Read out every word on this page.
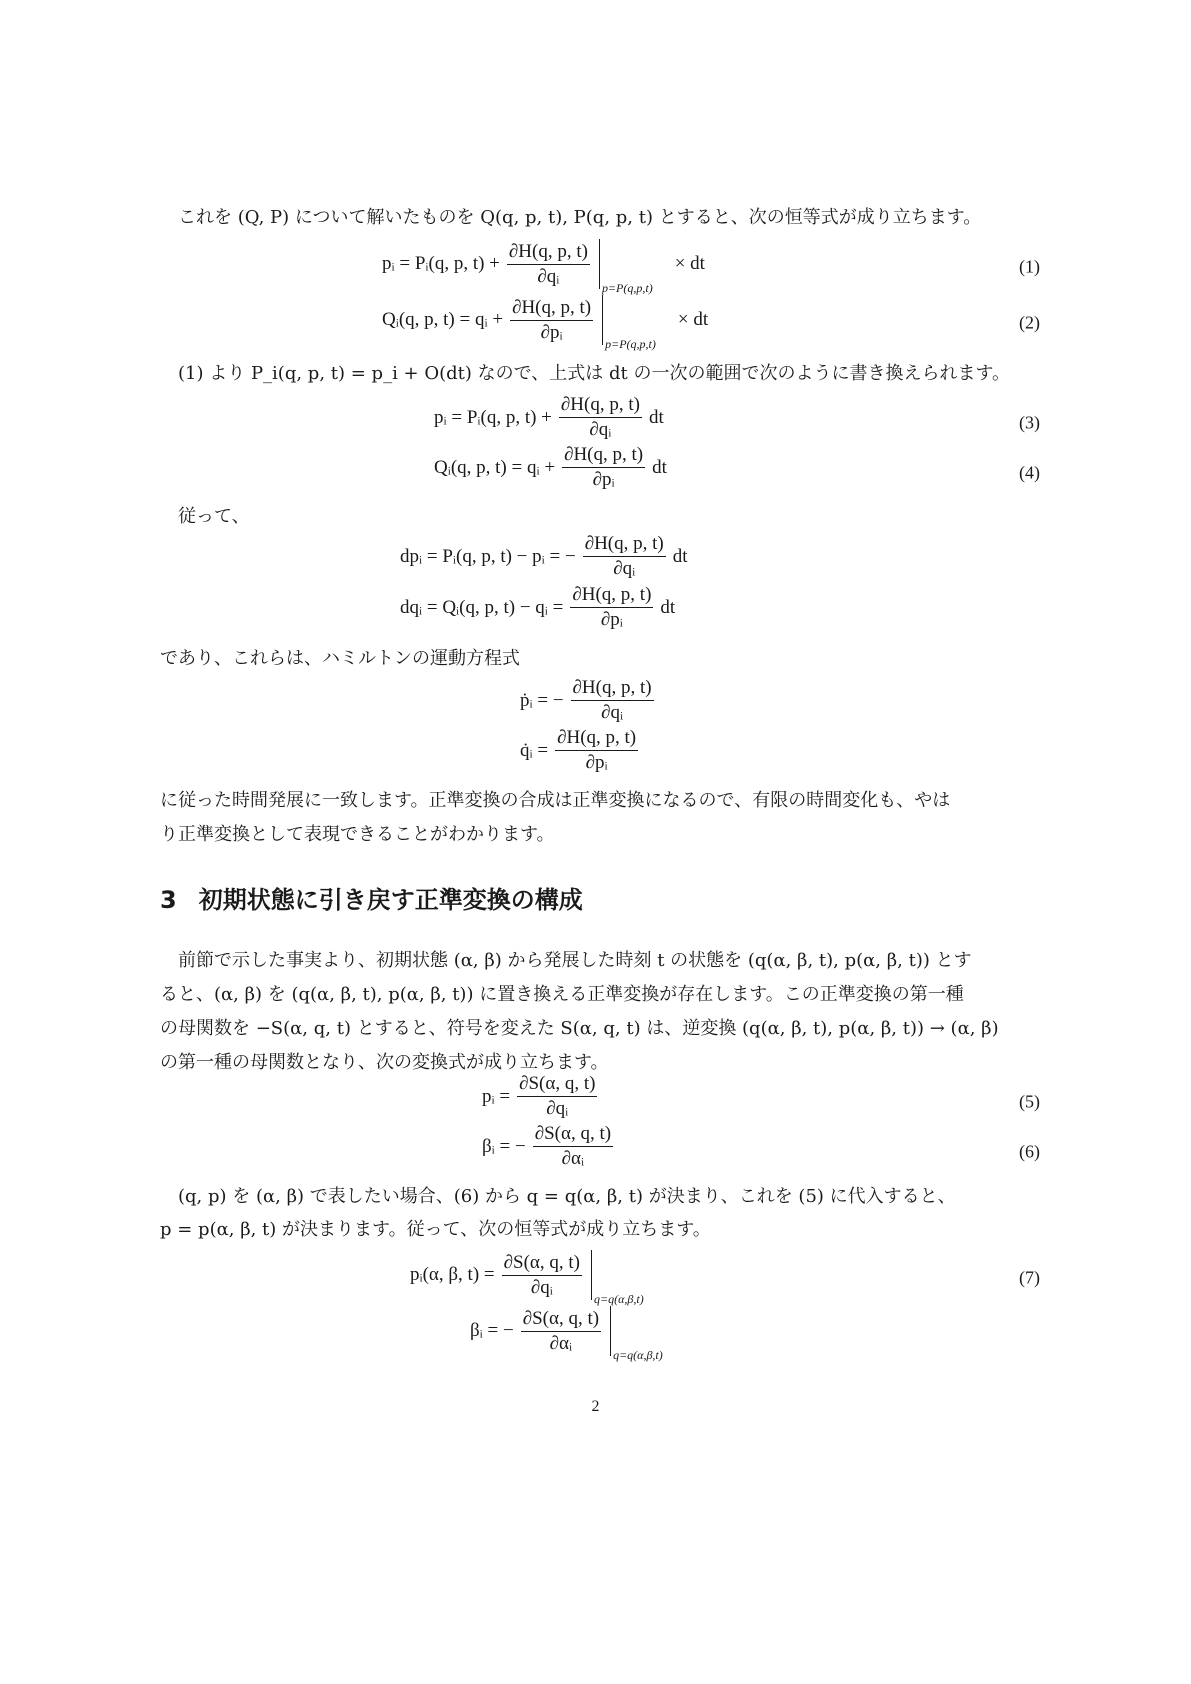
これを (Q, P) について解いたものを Q(q, p, t), P(q, p, t) とすると、次の恒等式が成り立ちます。
pᵢ = Pᵢ(q, p, $t) + \frac{\partial H(q, p, t)}{\text{∂qᵢ}} p=P(q,p,t)$
× dt	(1)
Qᵢ(q, p, t) = qᵢ + $\frac{\partial H(q, p, t)}{\text{∂pᵢ}} p=P(q,p,t)$
× dt	(2)
(1) より P_i(q, p, t) = p_i + O(dt) なので、上式は dt の一次の範囲で次のように書き換えられます。
pᵢ = Pᵢ(q, p, $t) + \frac{\partial H(q, p, t)}{\text{∂qᵢ}}$ dt	(3)
Qᵢ(q, p, t) = qᵢ + $\frac{\partial H(q, p, t)}{\text{∂pᵢ}}$ dt	(4)
従って、
dpᵢ = Pᵢ(q, p, t) − pᵢ = − $\frac{\partial H(q, p, t)}{\text{∂qᵢ}}$ dt
dqᵢ = Qᵢ(q, p, t) − qᵢ = $\frac{\partial H(q, p, t)}{\text{∂pᵢ}}$ dt
であり、これらは、ハミルトンの運動方程式
ṗᵢ = − $\frac{\partial H(q, p, t)}{\text{∂qᵢ}}$
q̇ᵢ = $\frac{\partial H(q, p, t)}{\text{∂pᵢ}}$
に従った時間発展に一致します。正準変換の合成は正準変換になるので、有限の時間変化も、やは
り正準変換として表現できることがわかります。
3 初期状態に引き戻す正準変換の構成
前節で示した事実より、初期状態 (α, β) から発展した時刻 t の状態を (q(α, β, t), p(α, β, t)) とす
ると、(α, β) を (q(α, β, t), p(α, β, t)) に置き換える正準変換が存在します。この正準変換の第一種
の母関数を −S(α, q, t) とすると、符号を変えた S(α, q, t) は、逆変換 (q(α, β, t), p(α, β, t)) → (α, β)
の第一種の母関数となり、次の変換式が成り立ちます。
pᵢ = $\frac{\partial S(\alpha, q, t)}{\text{∂qᵢ}}$	(5)
βᵢ = − $\frac{\partial S(\alpha, q, t)}{\text{∂αᵢ}}$	(6)
(q, p) を (α, β) で表したい場合、(6) から q = q(α, β, t) が決まり、これを (5) に代入すると、
p = p(α, β, t) が決まります。従って、次の恒等式が成り立ちます。
pᵢ(α, β, $t) = \frac{\partial S(\alpha, q, t)}{\text{∂qᵢ}} q=q(\alpha,\beta,t)$
(7)
βᵢ = − $\frac{\partial S(\alpha, q, t)}{\text{∂αᵢ}} q=q(\alpha,\beta,t)$
2
